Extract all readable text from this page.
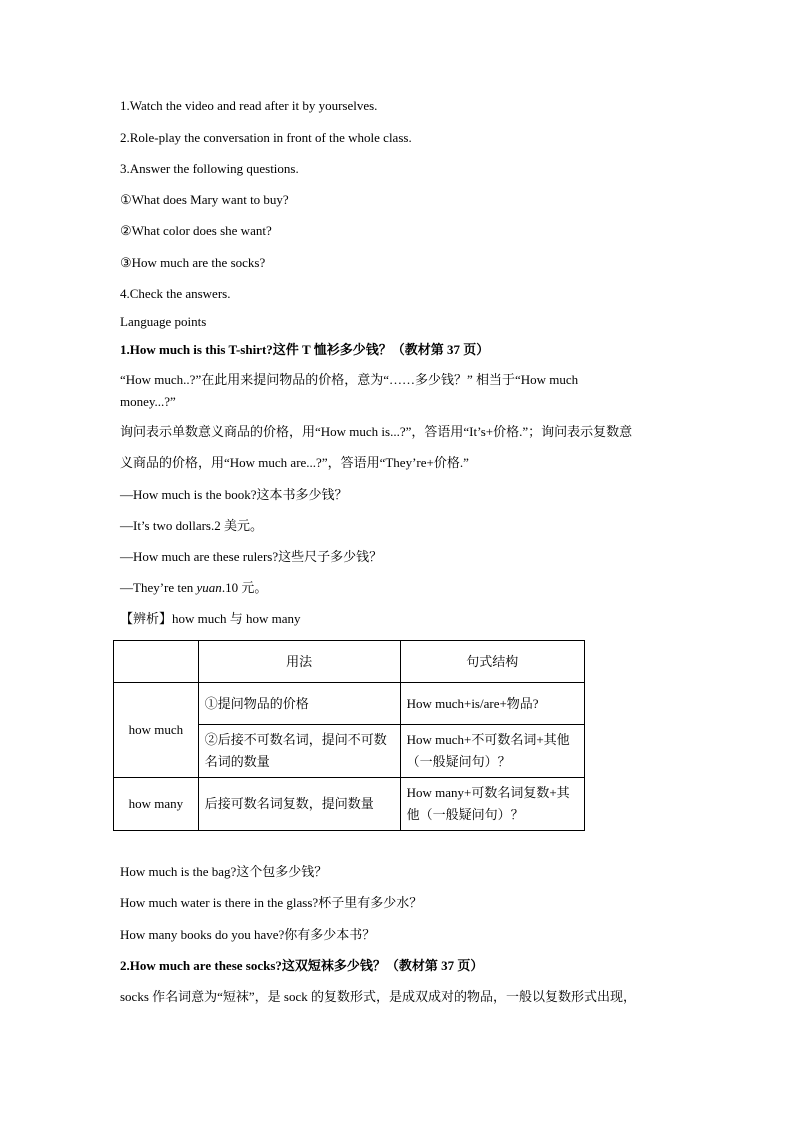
1.Watch the video and read after it by yourselves.
2.Role-play the conversation in front of the whole class.
3.Answer the following questions.
①What does Mary want to buy?
②What color does she want?
③How much are the socks?
4.Check the answers.
Language points
1.How much is this T-shirt?这件 T 恤衫多少钱？（教材第 37 页）
“How much..?”在此用来提问物品的价格，意为“……多少钱？” 相当于“How much
money...?”
询问表示单数意义商品的价格，用“How much is...?”，答语用“It’s+价格.”；询问表示复数意
义商品的价格，用“How much are...?”，答语用“They’re+价格.”
—How much is the book?这本书多少钱？
—It’s two dollars.2 美元。
—How much are these rulers?这些尺子多少钱？
—They’re ten yuan.10 元。
【辨析】how much 与 how many
	用法	句式结构
how much	①提问物品的价格	How much+is/are+物品?
	②后接不可数名词，提问不可数名词的数量	How much+不可数名词+其他（一般疑问句）？
how many	后接可数名词复数，提问数量	How many+可数名词复数+其他（一般疑问句）？
How much is the bag?这个包多少钱？
How much water is there in the glass?杯子里有多少水？
How many books do you have?你有多少本书？
2.How much are these socks?这双短袜多少钱？（教材第 37 页）
socks 作名词意为“短袜”，是 sock 的复数形式，是成双成对的物品，一般以复数形式出现，
